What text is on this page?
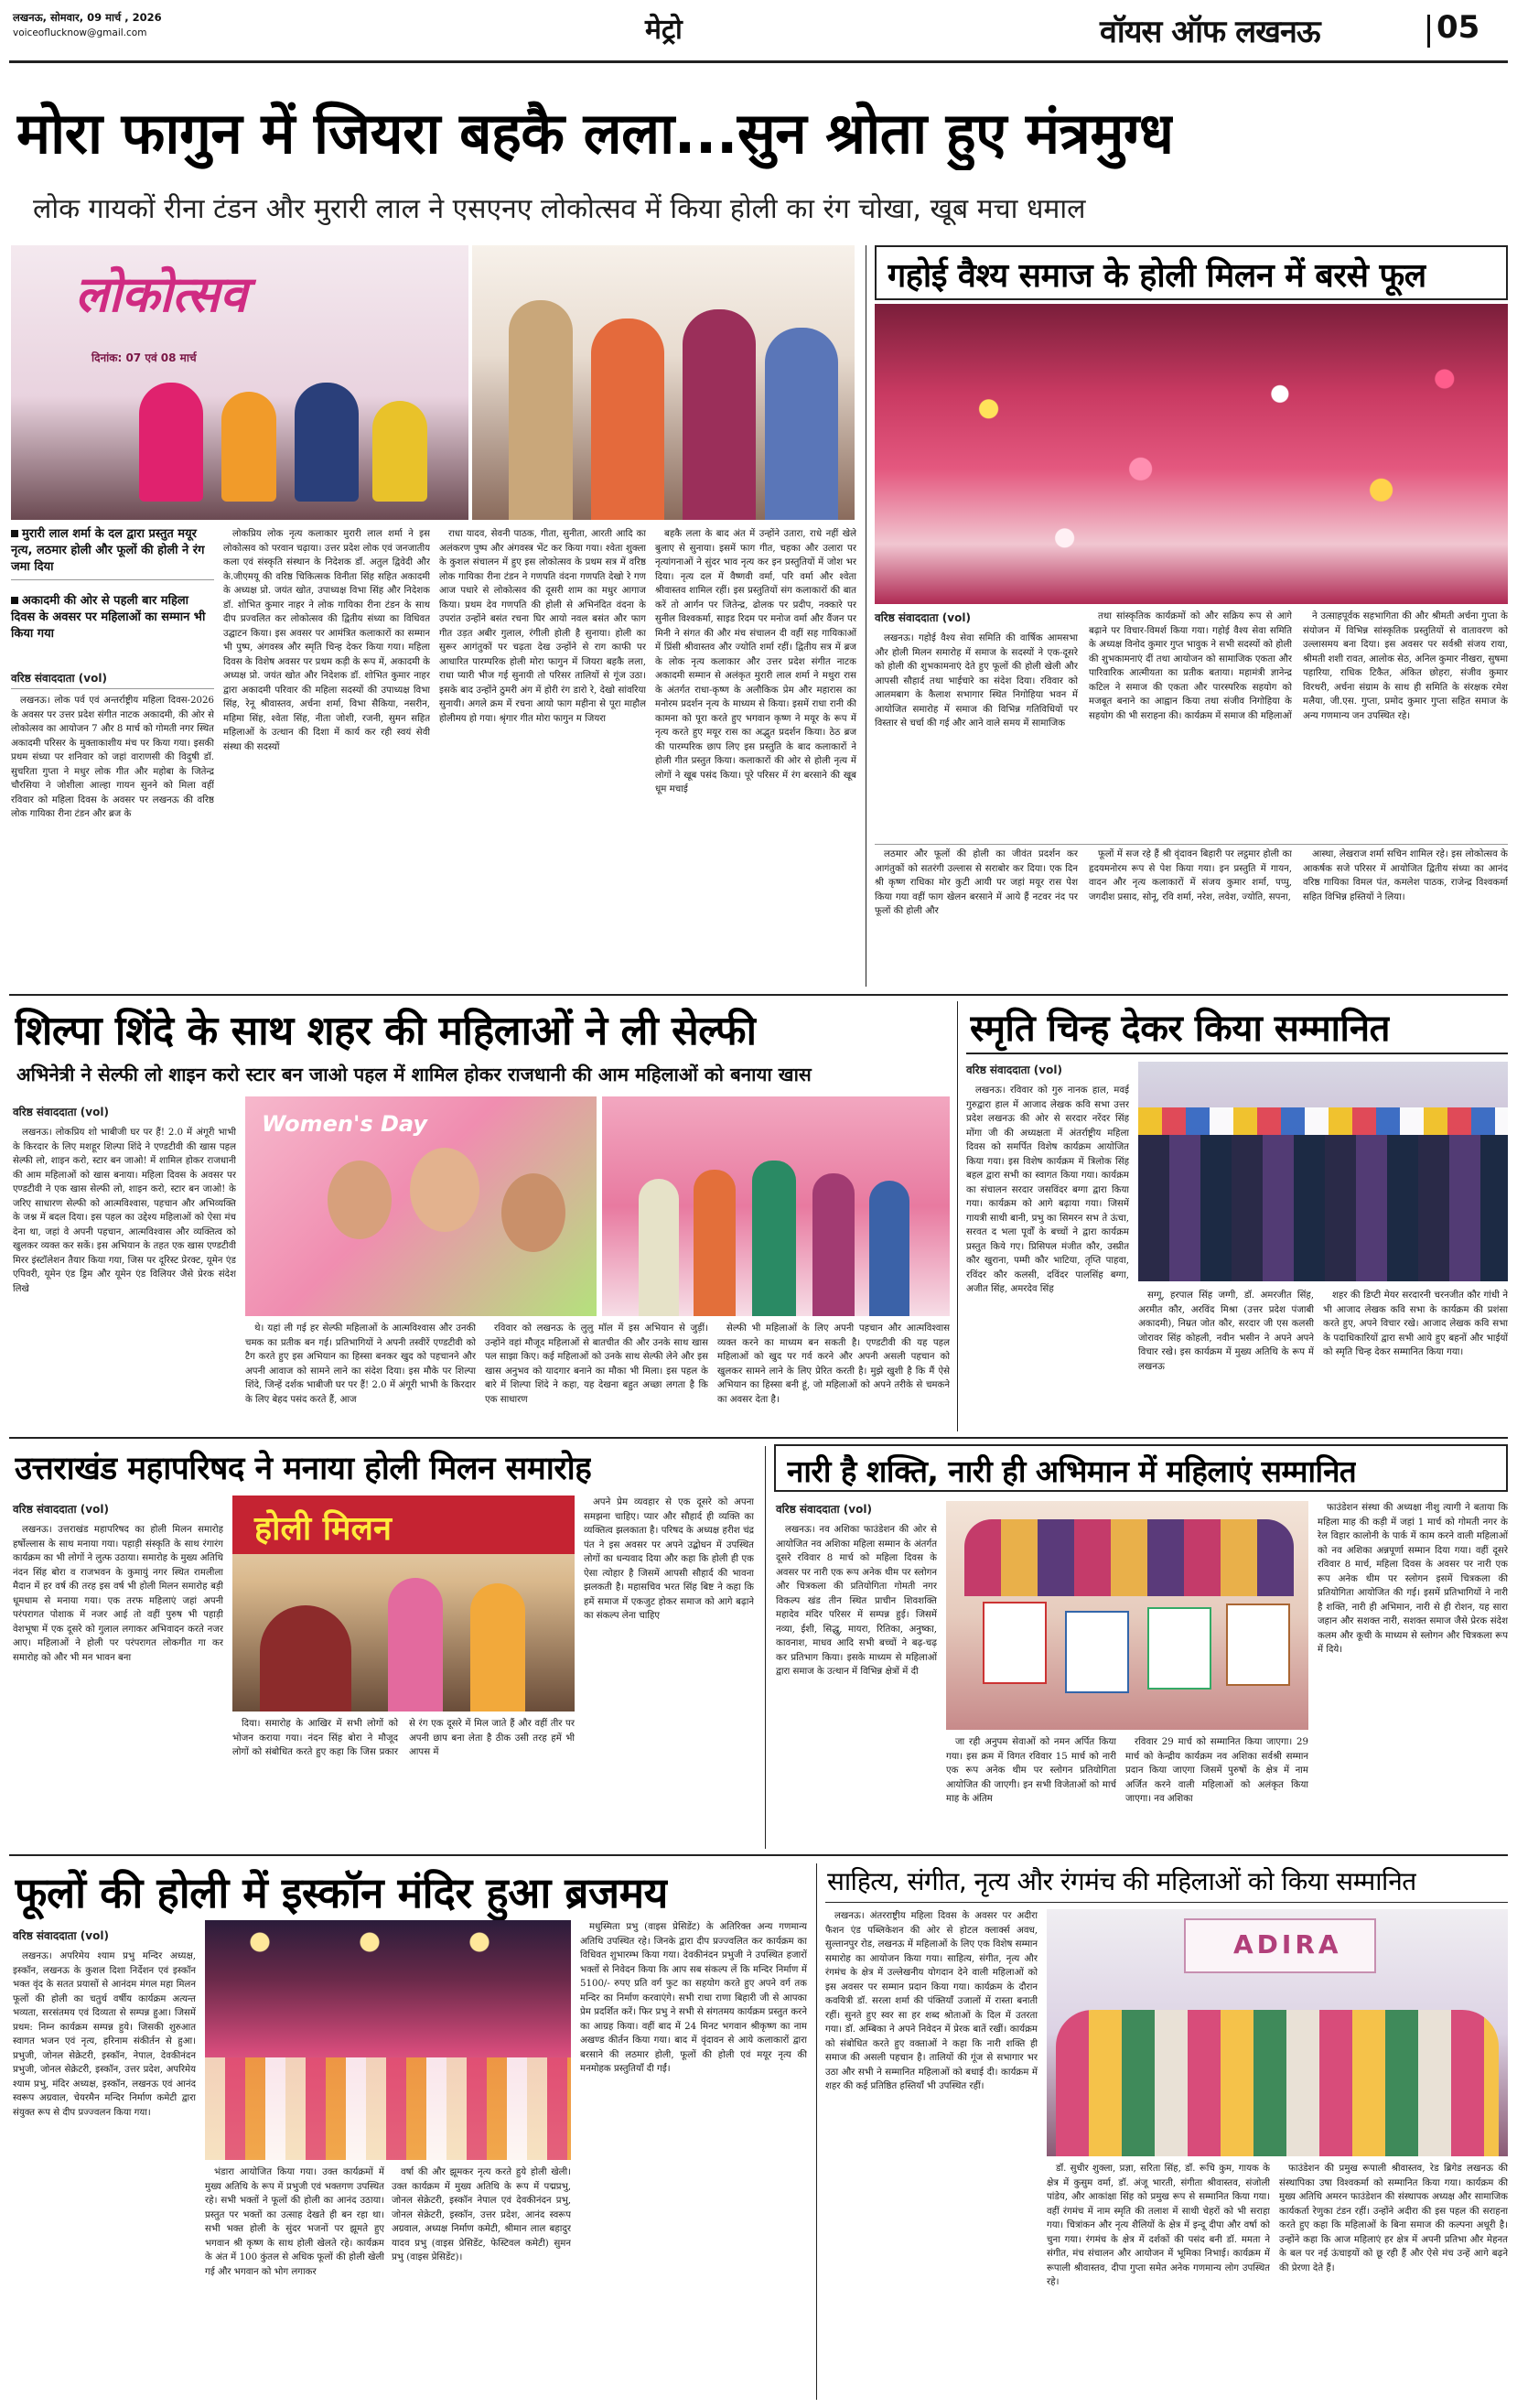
लखनऊ, सोमवार, 09 मार्च , 2026
voiceoflucknow@gmail.com	मेट्रो	वॉयस ऑफ लखनऊ	05
मोरा फागुन में जियरा बहकै लला...सुन श्रोता हुए मंत्रमुग्ध
लोक गायकों रीना टंडन और मुरारी लाल ने एसएनए लोकोत्सव में किया होली का रंग चोखा, खूब मचा धमाल
लोकोत्सव
दिनांक: 07 एवं 08 मार्च
मुरारी लाल शर्मा के दल द्वारा प्रस्तुत मयूर नृत्य, लठमार होली और फूलों की होली ने रंग जमा दिया
अकादमी की ओर से पहली बार महिला दिवस के अवसर पर महिलाओं का सम्मान भी किया गया
वरिष्ठ संवाददाता (vol)

लखनऊ। लोक पर्व एवं अन्तर्राष्ट्रीय महिला दिवस-2026 के अवसर पर उत्तर प्रदेश संगीत नाटक अकादमी, की ओर से लोकोत्सव का आयोजन 7 और 8 मार्च को गोमती नगर स्थित अकादमी परिसर के मुक्ताकाशीय मंच पर किया गया। इसकी प्रथम संध्या पर शनिवार को जहां वाराणसी की विदुषी डॉ. सुचरिता गुप्ता ने मधुर लोक गीत और महोबा के जितेन्द्र चौरसिया ने जोशीला आल्हा गायन सुनने को मिला वहीं रविवार को महिला दिवस के अवसर पर लखनऊ की वरिष्ठ लोक गायिका रीना टंडन और ब्रज के

लोकप्रिय लोक नृत्य कलाकार मुरारी लाल शर्मा ने इस लोकोत्सव को परवान चढ़ाया। उत्तर प्रदेश लोक एवं जनजातीय कला एवं संस्कृति संस्थान के निदेशक डॉ. अतुल द्विवेदी और के.जीएमयू की वरिष्ठ चिकित्सक विनीता सिंह सहित अकादमी के अध्यक्ष प्रो. जयंत खोत, उपाध्यक्ष विभा सिंह और निदेशक डॉ. शोभित कुमार नाहर ने लोक गायिका रीना टंडन के साथ दीप प्रज्वलित कर लोकोत्सव की द्वितीय संध्या का विधिवत उद्घाटन किया। इस अवसर पर आमंत्रित कलाकारों का सम्मान भी पुष्प, अंगवस्त्र और स्मृति चिन्ह देकर किया गया। महिला दिवस के विशेष अवसर पर प्रथम कड़ी के रूप में, अकादमी के अध्यक्ष प्रो. जयंत खोत और निदेशक डॉ. शोभित कुमार नाहर द्वारा अकादमी परिवार की महिला सदस्यों की उपाध्यक्ष विभा सिंह, रेनू श्रीवास्तव, अर्चना शर्मा, विभा सैकिया, नसरीन, महिमा सिंह, श्वेता सिंह, नीता जोशी, रजनी, सुमन सहित महिलाओं के उत्थान की दिशा में कार्य कर रही स्वयं सेवी संस्था की सदस्यों

राधा यादव, सेवनी पाठक, गीता, सुनीता, आरती आदि का अलंकरण पुष्प और अंगवस्त्र भेंट कर किया गया। श्वेता शुक्ला के कुशल संचालन में हुए इस लोकोत्सव के प्रथम सत्र में वरिष्ठ लोक गायिका रीना टंडन ने गणपति वंदना गणपति देखो रे गण आज पधारे से लोकोत्सव की दूसरी शाम का मधुर आगाज किया। प्रथम देव गणपति की होली से अभिनंदित वंदना के उपरांत उन्होंने बसंत रचना घिर आयो नवल बसंत और फाग गीत उड़त अबीर गुलाल, रंगीली होली है सुनाया। होली का सुरूर आगंतुकों पर चढ़ता देख उन्होंने से राग काफी पर आधारित पारम्परिक होली मोरा फागुन में जियरा बहकै लला, राधा प्यारी भीज गई सुनायी तो परिसर तालियों से गूंज उठा। इसके बाद उन्होंने ठुमरी अंग में होरी रंग डारो रे, देखो सांवरिया सुनायी। अगले क्रम में रचना आयो फाग महीना से पूरा माहौल होलीमय हो गया। श्रृंगार गीत मोरा फागुन म जियरा

बहकै लला के बाद अंत में उन्होंने उतारा, राधे नहीं खेले बुलाए से सुनाया। इसमें फाग गीत, चहका और उलारा पर नृत्यांगनाओं ने सुंदर भाव नृत्य कर इन प्रस्तुतियों में जोश भर दिया। नृत्य दल में वैष्णवी वर्मा, परि वर्मा और श्वेता श्रीवास्तव शामिल रहीं। इस प्रस्तुतियों संग कलाकारों की बात करें तो आर्गन पर जितेन्द्र, ढोलक पर प्रदीप, नक्कारे पर सुनील विश्वकर्मा, साइड रिदम पर मनोज वर्मा और वैंजन पर मिनी ने संगत की और मंच संचालन दी वहीं सह गायिकाओं में प्रिंसी श्रीवास्तव और ज्योति शर्मा रहीं। द्वितीय सत्र में ब्रज के लोक नृत्य कलाकार और उत्तर प्रदेश संगीत नाटक अकादमी सम्मान से अलंकृत मुरारी लाल शर्मा ने मथुरा रास के अंतर्गत राधा-कृष्ण के अलौकिक प्रेम और महारास का मनोरम प्रदर्शन नृत्य के माध्यम से किया। इसमें राधा रानी की कामना को पूरा करते हुए भगवान कृष्ण ने मयूर के रूप में नृत्य करते हुए मयूर रास का अद्भुत प्रदर्शन किया। ठेठ ब्रज की पारम्परिक छाप लिए इस प्रस्तुति के बाद कलाकारों ने होली गीत प्रस्तुत किया। कलाकारों की ओर से होली नृत्य में लोगों ने खूब पसंद किया। पूरे परिसर में रंग बरसाने की खूब धूम मचाई

गहोई वैश्य समाज के होली मिलन में बरसे फूल
वरिष्ठ संवाददाता (vol)

लखनऊ। गहोई वैश्य सेवा समिति की वार्षिक आमसभा और होली मिलन समारोह में समाज के सदस्यों ने एक-दूसरे को होली की शुभकामनाएं देते हुए फूलों की होली खेली और आपसी सौहार्द तथा भाईचारे का संदेश दिया। रविवार को आलमबाग के कैलाश सभागार स्थित निगोहिया भवन में आयोजित समारोह में समाज की विभिन्न गतिविधियों पर विस्तार से चर्चा की गई और आने वाले समय में सामाजिक

तथा सांस्कृतिक कार्यक्रमों को और सक्रिय रूप से आगे बढ़ाने पर विचार-विमर्श किया गया। गहोई वैश्य सेवा समिति के अध्यक्ष विनोद कुमार गुप्त भावुक ने सभी सदस्यों को होली की शुभकामनाएं दीं तथा आयोजन को सामाजिक एकता और पारिवारिक आत्मीयता का प्रतीक बताया। महामंत्री ज्ञानेन्द्र कटिल ने समाज की एकता और पारस्परिक सहयोग को मजबूत बनाने का आह्वान किया तथा संजीव निगोहिया के सहयोग की भी सराहना की। कार्यक्रम में समाज की महिलाओं

ने उत्साहपूर्वक सहभागिता की और श्रीमती अर्चना गुप्ता के संयोजन में विभिन्न सांस्कृतिक प्रस्तुतियों से वातावरण को उल्लासमय बना दिया। इस अवसर पर सर्वश्री संजय राया, श्रीमती शशी रावत, आलोक सेठ, अनिल कुमार नीखरा, सुषमा पहारिया, राधिक टिकैत, अंकित छोहरा, संजीव कुमार विरथरी, अर्चना संग्राम के साथ ही समिति के संरक्षक रमेश मलैया, जी.एस. गुप्ता, प्रमोद कुमार गुप्ता सहित समाज के अन्य गणमान्य जन उपस्थित रहे।

लठमार और फूलों की होली का जीवंत प्रदर्शन कर आगंतुकों को सतरंगी उल्लास से सराबोर कर दिया। एक दिन श्री कृष्ण राधिका मोर कुटी आयी पर जहां मयूर रास पेश किया गया वहीं फाग खेलन बरसाने में आये हैं नटवर नंद पर फूलों की होली और

फूलों में सज रहे हैं श्री वृंदावन बिहारी पर लट्ठमार होली का हृदयमनोरम रूप से पेश किया गया। इन प्रस्तुति में गायन, वादन और नृत्य कलाकारों में संजय कुमार शर्मा, पप्पु, जगदीश प्रसाद, सोनू, रवि शर्मा, नरेश, लवेश, ज्योति, सपना,

आस्था, लेखराज शर्मा सचिन शामिल रहे। इस लोकोत्सव के आकर्षक सजे परिसर में आयोजित द्वितीय संध्या का आनंद वरिष्ठ गायिका विमल पंत, कमलेश पाठक, राजेन्द्र विश्वकर्मा सहित विभिन्न हस्तियों ने लिया।

शिल्पा शिंदे के साथ शहर की महिलाओं ने ली सेल्फी
अभिनेत्री ने सेल्फी लो शाइन करो स्टार बन जाओ पहल में शामिल होकर राजधानी की आम महिलाओं को बनाया खास
वरिष्ठ संवाददाता (vol)

लखनऊ। लोकप्रिय शो भाबीजी घर पर हैं! 2.0 में अंगूरी भाभी के किरदार के लिए मशहूर शिल्पा शिंदे ने एण्डटीवी की खास पहल सेल्फी लो, शाइन करो, स्टार बन जाओ! में शामिल होकर राजधानी की आम महिलाओं को खास बनाया। महिला दिवस के अवसर पर एण्डटीवी ने एक खास सेल्फी लो, शाइन करो, स्टार बन जाओ! के जरिए साधारण सेल्फी को आत्मविश्वास, पहचान और अभिव्यक्ति के जश्न में बदल दिया। इस पहल का उद्देश्य महिलाओं को ऐसा मंच देना था, जहां वे अपनी पहचान, आत्मविश्वास और व्यक्तित्व को खुलकर व्यक्त कर सकें। इस अभियान के तहत एक खास एण्डटीवी मिरर इंस्टॉलेशन तैयार किया गया, जिस पर दूरिस्ट प्रेरक्ट, यूमेन एंड एपिवरी, यूमेन एंड ड्रिम और यूमेन एंड विलियर जैसे प्रेरक संदेश लिखे

Women's Day

थे। यहां ली गई हर सेल्फी महिलाओं के आत्मविश्वास और उनकी चमक का प्रतीक बन गई। प्रतिभागियों ने अपनी तस्वीरें एण्डटीवी को टैग करते हुए इस अभियान का हिस्सा बनकर खुद को पहचानने और अपनी आवाज को सामने लाने का संदेश दिया। इस मौके पर शिल्पा शिंदे, जिन्हें दर्शक भाबीजी घर पर हैं! 2.0 में अंगूरी भाभी के किरदार के लिए बेहद पसंद करते हैं, आज

रविवार को लखनऊ के लुलु मॉल में इस अभियान से जुड़ीं। उन्होंने वहां मौजूद महिलाओं से बातचीत की और उनके साथ खास पल साझा किए। कई महिलाओं को उनके साथ सेल्फी लेने और इस खास अनुभव को यादगार बनाने का मौका भी मिला। इस पहल के बारे में शिल्पा शिंदे ने कहा, यह देखना बहुत अच्छा लगता है कि एक साधारण

सेल्फी भी महिलाओं के लिए अपनी पहचान और आत्मविश्वास व्यक्त करने का माध्यम बन सकती है। एण्डटीवी की यह पहल महिलाओं को खुद पर गर्व करने और अपनी असली पहचान को खुलकर सामने लाने के लिए प्रेरित करती है। मुझे खुशी है कि मैं ऐसे अभियान का हिस्सा बनी हूं, जो महिलाओं को अपने तरीके से चमकने का अवसर देता है।

स्मृति चिन्ह देकर किया सम्मानित
वरिष्ठ संवाददाता (vol)

लखनऊ। रविवार को गुरु नानक हाल, मवई गुरुद्वारा हाल में आजाद लेखक कवि सभा उत्तर प्रदेश लखनऊ की ओर से सरदार नरेंदर सिंह मोंगा जी की अध्यक्षता में अंतर्राष्ट्रीय महिला दिवस को समर्पित विशेष कार्यक्रम आयोजित किया गया। इस विशेष कार्यक्रम में त्रिलोक सिंह बहल द्वारा सभी का स्वागत किया गया। कार्यक्रम का संचालन सरदार जसविंदर बग्गा द्वारा किया गया। कार्यक्रम को आगे बढ़ाया गया। जिसमें गायत्री साथी बानी, प्रभु का सिमरन सभ ते ऊंचा, सरवत द भला पूर्वों के बच्चों ने द्वारा कार्यक्रम प्रस्तुत किये गए। प्रिसिपल मंजीत कौर, उस्प्रीत कौर खुराना, पम्मी कौर भाटिया, तृप्ति पाहवा, रविंदर कौर कलसी, दविंदर पालसिंह बग्गा, अजीत सिंह, अमरदेव सिंह

सग्गू, हरपाल सिंह जग्गी, डॉ. अमरजीत सिंह, अरमीत कौर, अरविंद मिश्रा (उत्तर प्रदेश पंजाबी अकादमी), निम्रत जोत कौर, सरदार जी एस कलसी जोरावर सिंह कोहली, नवीन भसीन ने अपने अपने विचार रखे। इस कार्यक्रम में मुख्य अतिथि के रूप में लखनऊ

शहर की डिप्टी मेयर सरदारनी चरनजीत कौर गांधी ने भी आजाद लेखक कवि सभा के कार्यक्रम की प्रशंसा करते हुए, अपने विचार रखे। आजाद लेखक कवि सभा के पदाधिकारियों द्वारा सभी आये हुए बहनों और भाईयों को स्मृति चिन्ह देकर सम्मानित किया गया।

उत्तराखंड महापरिषद ने मनाया होली मिलन समारोह
वरिष्ठ संवाददाता (vol)

लखनऊ। उत्तराखंड महापरिषद का होली मिलन समारोह हर्षोल्लास के साथ मनाया गया। पहाड़ी संस्कृति के साथ रंगारंग कार्यक्रम का भी लोगों ने लुत्फ उठाया। समारोह के मुख्य अतिथि नंदन सिंह बोरा व राजभवन के कुमायुं नगर स्थित रामलीला मैदान में हर वर्ष की तरह इस वर्ष भी होली मिलन समारोह बड़ी धूमधाम से मनाया गया। एक तरफ महिलाएं जहां अपनी परंपरागत पोशाक में नजर आई तो वहीं पुरुष भी पहाड़ी वेशभूषा में एक दूसरे को गुलाल लगाकर अभिवादन करते नजर आए। महिलाओं ने होली पर परंपरागत लोकगीत गा कर समारोह को और भी मन भावन बना

होली मिलन

दिया। समारोह के आखिर में सभी लोगों को भोजन कराया गया। नंदन सिंह बोरा ने मौजूद लोगों को संबोधित करते हुए कहा कि जिस प्रकार से रंग एक दूसरे में मिल जाते हैं और वहीं तीर पर अपनी छाप बना लेता है ठीक उसी तरह हमें भी आपस में

अपने प्रेम व्यवहार से एक दूसरे को अपना समझना चाहिए। प्यार और सौहार्द ही व्यक्ति का व्यक्तित्व झलकाता है। परिषद के अध्यक्ष हरीश चंद्र पंत ने इस अवसर पर अपने उद्बोधन में उपस्थित लोगों का धन्यवाद दिया और कहा कि होली ही एक ऐसा त्योहार है जिसमें आपसी सौहार्द की भावना झलकती है। महासचिव भरत सिंह बिष्ट ने कहा कि हमें समाज में एकजुट होकर समाज को आगे बढ़ाने का संकल्प लेना चाहिए

नारी है शक्ति, नारी ही अभिमान में महिलाएं सम्मानित
वरिष्ठ संवाददाता (vol)

लखनऊ। नव अशिका फाउंडेशन की ओर से आयोजित नव अशिका महिला सम्मान के अंतर्गत दूसरे रविवार 8 मार्च को महिला दिवस के अवसर पर नारी एक रूप अनेक थीम पर स्लोगन और चित्रकला की प्रतियोगिता गोमती नगर विकल्प खंड तीन स्थित प्राचीन शिवशक्ति महादेव मंदिर परिसर में सम्पन्न हुई। जिसमें नव्या, ईशी, सिद्धु, मायरा, रितिका, अनुष्का, कावनाश, माधव आदि सभी बच्चों ने बढ़-चढ़ कर प्रतिभाग किया। इसके माध्यम से महिलाओं द्वारा समाज के उत्थान में विभिन्न क्षेत्रों में दी

जा रही अनुपम सेवाओं को नमन अर्पित किया गया। इस क्रम में विगत रविवार 15 मार्च को नारी एक रूप अनेक थीम पर स्लोगन प्रतियोगिता आयोजित की जाएगी। इन सभी विजेताओं को मार्च माह के अंतिम

रविवार 29 मार्च को सम्मानित किया जाएगा। 29 मार्च को केन्द्रीय कार्यक्रम नव अशिका सर्वश्री सम्मान प्रदान किया जाएगा जिसमें पुरुषों के क्षेत्र में नाम अर्जित करने वाली महिलाओं को अलंकृत किया जाएगा। नव अशिका

फाउंडेशन संस्था की अध्यक्षा नीशु त्यागी ने बताया कि महिला माह की कड़ी में जहां 1 मार्च को गोमती नगर के रेल विहार कालोनी के पार्क में काम करने वाली महिलाओं को नव अशिका अन्नपूर्णा सम्मान दिया गया। वहीं दूसरे रविवार 8 मार्च, महिला दिवस के अवसर पर नारी एक रूप अनेक थीम पर स्लोगन इसमें चित्रकला की प्रतियोगिता आयोजित की गई। इसमें प्रतिभागियों ने नारी है शक्ति, नारी ही अभिमान, नारी से ही रोशन, यह सारा जहान और सशक्त नारी, सशक्त समाज जैसे प्रेरक संदेश कलम और कूची के माध्यम से स्लोगन और चित्रकला रूप में दिये।

फूलों की होली में इस्कॉन मंदिर हुआ ब्रजमय
वरिष्ठ संवाददाता (vol)

लखनऊ। अपरिमेय श्याम प्रभु मन्दिर अध्यक्ष, इस्कॉन, लखनऊ के कुशल दिशा निर्देशन एवं इस्कॉन भक्त वृंद के सतत प्रयासों से आनंदम मंगल महा मिलन फूलों की होली का चतुर्थ वर्षीय कार्यक्रम अत्यन्त भव्यता, सरसंतमय एवं दिव्यता से सम्पन्न हुआ। जिसमें प्रथम: निम्न कार्यक्रम सम्पन्न हुये। जिसकी शुरुआत स्वागत भजन एवं नृत्य, हरिनाम संकीर्तन से हुआ। प्रभुजी, जोनल सेक्रेटरी, इस्कॉन, नेपाल, देवकीनंदन प्रभुजी, जोनल सेक्रेटरी, इस्कॉन, उत्तर प्रदेश, अपरिमेय श्याम प्रभु, मंदिर अध्यक्ष, इस्कॉन, लखनऊ एवं आनंद स्वरूप अग्रवाल, चेयरमैन मन्दिर निर्माण कमेटी द्वारा संयुक्त रूप से दीप प्रज्ज्वलन किया गया।

भंडारा आयोजित किया गया। उक्त कार्यक्रमों में मुख्य अतिथि के रूप में प्रभुजी एवं भक्तगण उपस्थित रहे। सभी भक्तों ने फूलों की होली का आनंद उठाया। प्रस्तुत पर भक्तों का उत्साह देखते ही बन रहा था। सभी भक्त होली के सुंदर भजनों पर झूमते हुए भगवान श्री कृष्ण के साथ होली खेलते रहे। कार्यक्रम के अंत में 100 कुंतल से अधिक फूलों की होली खेली गई और भगवान को भोग लगाकर

वर्षा की और झूमकर नृत्य करते हुये होली खेली। उक्त कार्यक्रम में मुख्य अतिथि के रूप में पद्मप्रभु, जोनल सेक्रेटरी, इस्कॉन नेपाल एवं देवकीनंदन प्रभु, जोनल सेक्रेटरी, इस्कॉन, उत्तर प्रदेश, आनंद स्वरूप अग्रवाल, अध्यक्ष निर्माण कमेटी, श्रीमान लाल बहादुर यादव प्रभु (वाइस प्रेसिडेंट, फेस्टिवल कमेटी) सुमन प्रभु (वाइस प्रेसिडेंट)।

मधुस्मिता प्रभु (वाइस प्रेसिडेंट) के अतिरिक्त अन्य गणमान्य अतिथि उपस्थित रहे। जिनके द्वारा दीप प्रज्ज्वलित कर कार्यक्रम का विधिवत शुभारम्भ किया गया। देवकीनंदन प्रभुजी ने उपस्थित हजारों भक्तों से निवेदन किया कि आप सब संकल्प लें कि मन्दिर निर्माण में 5100/- रुपए प्रति वर्ग फुट का सहयोग करते हुए अपने वर्ग तक मन्दिर का निर्माण करवाएंगे। सभी राधा राणा बिहारी जी से आपका प्रेम प्रदर्शित करें। फिर प्रभु ने सभी से संगतमय कार्यक्रम प्रस्तुत करने का आग्रह किया। वहीं बाद में 24 मिनट भगवान श्रीकृष्ण का नाम अखण्ड कीर्तन किया गया। बाद में वृंदावन से आये कलाकारों द्वारा बरसाने की लठमार होली, फूलों की होली एवं मयूर नृत्य की मनमोहक प्रस्तुतियाँ दी गईं।

साहित्य, संगीत, नृत्य और रंगमंच की महिलाओं को किया सम्मानित

लखनऊ। अंतरराष्ट्रीय महिला दिवस के अवसर पर अदीरा फैशन एंड पब्लिकेशन की ओर से होटल क्लार्क्स अवध, सुल्तानपुर रोड, लखनऊ में महिलाओं के लिए एक विशेष सम्मान समारोह का आयोजन किया गया। साहित्य, संगीत, नृत्य और रंगमंच के क्षेत्र में उल्लेखनीय योगदान देने वाली महिलाओं को इस अवसर पर सम्मान प्रदान किया गया। कार्यक्रम के दौरान कवयित्री डॉ. सरला शर्मा की पंक्तियाँ उजालों में रास्ता बनाती रहीं। सुनते हुए स्वर सा हर शब्द श्रोताओं के दिल में उतरता गया। डॉ. अम्बिका ने अपने निवेदन में प्रेरक बातें रखीं। कार्यक्रम को संबोधित करते हुए वक्ताओं ने कहा कि नारी शक्ति ही समाज की असली पहचान है। तालियों की गूंज से सभागार भर उठा और सभी ने सम्मानित महिलाओं को बधाई दी। कार्यक्रम में शहर की कई प्रतिष्ठित हस्तियाँ भी उपस्थित रहीं।

ADIRA

डॉ. सुधीर शुक्ला, प्रज्ञा, सरिता सिंह, डॉ. रूचि कुम, गायक के क्षेत्र में कुसुम वर्मा, डॉ. अंजू भारती, संगीता श्रीवास्तव, संजोली पांडेय, और आकांक्षा सिंह को प्रमुख रूप से सम्मानित किया गया। वहीं रंगमंच में नाम स्मृति की तलाश में साथी चेहरों को भी सराहा गया। चित्रांकन और नृत्य शैलियों के क्षेत्र में इन्दू दीपा और वर्षा को चुना गया। रंगमंच के क्षेत्र में दर्शकों की पसंद बनी डॉ. ममता ने संगीत, मंच संचालन और आयोजन में भूमिका निभाई। कार्यक्रम में रूपाली श्रीवास्तव, दीपा गुप्ता समेत अनेक गणमान्य लोग उपस्थित रहे।

फाउंडेशन की प्रमुख रूपाली श्रीवास्तव, रेड ब्रिगेड लखनऊ की संस्थापिका उषा विश्वकर्मा को सम्मानित किया गया। कार्यक्रम की मुख्य अतिथि अमरन फाउंडेशन की संस्थापक अध्यक्ष और सामाजिक कार्यकर्ता रेणुका टंडन रहीं। उन्होंने अदीरा की इस पहल की सराहना करते हुए कहा कि महिलाओं के बिना समाज की कल्पना अधूरी है। उन्होंने कहा कि आज महिलाएं हर क्षेत्र में अपनी प्रतिभा और मेहनत के बल पर नई ऊंचाइयों को छू रही हैं और ऐसे मंच उन्हें आगे बढ़ने की प्रेरणा देते हैं।
